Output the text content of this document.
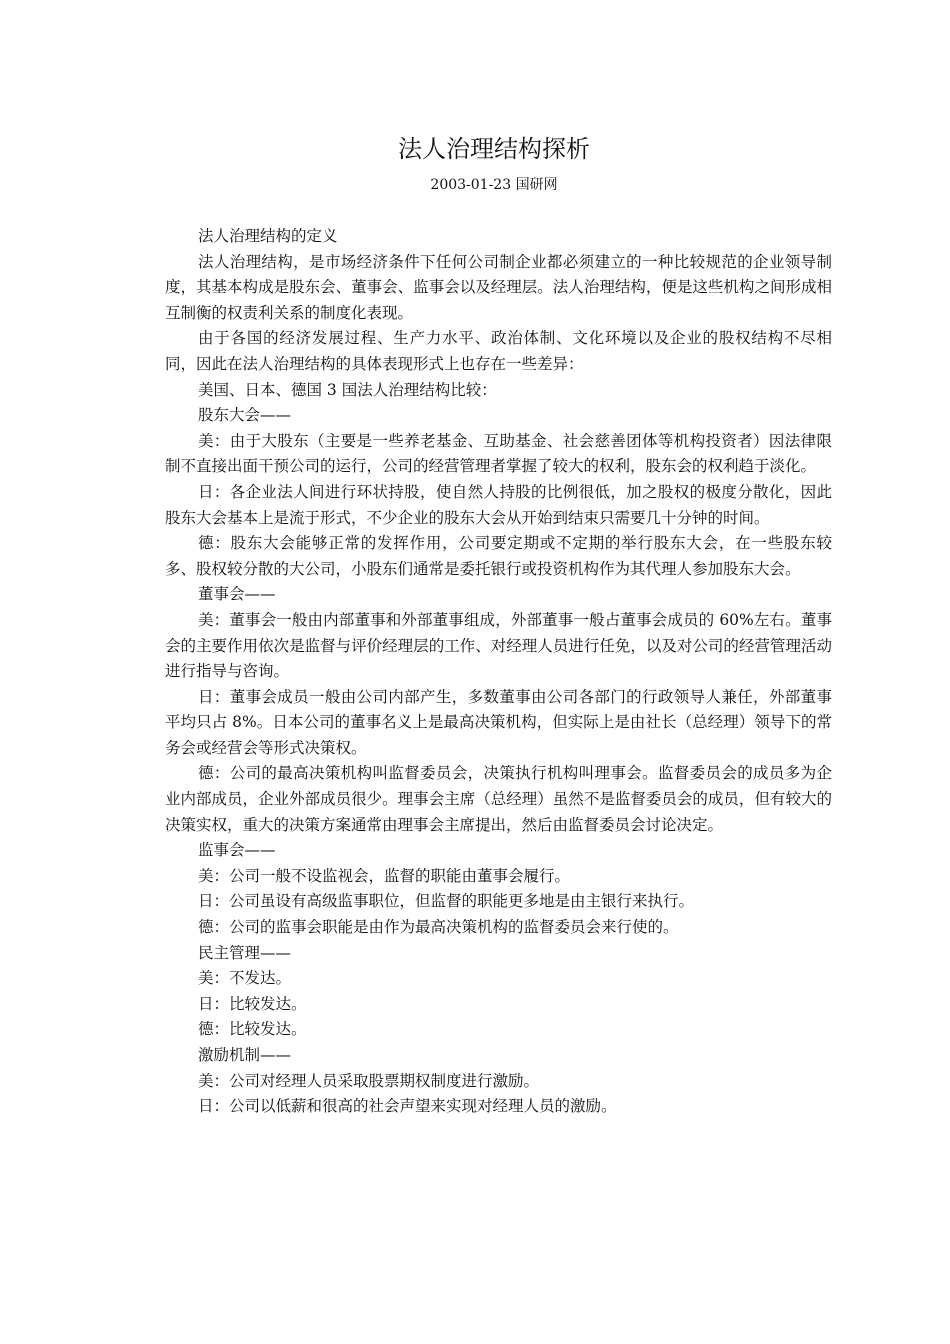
法人治理结构探析
2003-01-23 国研网

法人治理结构的定义

法人治理结构，是市场经济条件下任何公司制企业都必须建立的一种比较规范的企业领导制度，其基本构成是股东会、董事会、监事会以及经理层。法人治理结构，便是这些机构之间形成相互制衡的权责利关系的制度化表现。

由于各国的经济发展过程、生产力水平、政治体制、文化环境以及企业的股权结构不尽相同，因此在法人治理结构的具体表现形式上也存在一些差异：

美国、日本、德国 3 国法人治理结构比较：

股东大会——

美：由于大股东（主要是一些养老基金、互助基金、社会慈善团体等机构投资者）因法律限制不直接出面干预公司的运行，公司的经营管理者掌握了较大的权利，股东会的权利趋于淡化。

日：各企业法人间进行环状持股，使自然人持股的比例很低，加之股权的极度分散化，因此股东大会基本上是流于形式，不少企业的股东大会从开始到结束只需要几十分钟的时间。

德：股东大会能够正常的发挥作用，公司要定期或不定期的举行股东大会，在一些股东较多、股权较分散的大公司，小股东们通常是委托银行或投资机构作为其代理人参加股东大会。

董事会——

美：董事会一般由内部董事和外部董事组成，外部董事一般占董事会成员的 60%左右。董事会的主要作用依次是监督与评价经理层的工作、对经理人员进行任免，以及对公司的经营管理活动进行指导与咨询。

日：董事会成员一般由公司内部产生，多数董事由公司各部门的行政领导人兼任，外部董事平均只占 8%。日本公司的董事名义上是最高决策机构，但实际上是由社长（总经理）领导下的常务会或经营会等形式决策权。

德：公司的最高决策机构叫监督委员会，决策执行机构叫理事会。监督委员会的成员多为企业内部成员，企业外部成员很少。理事会主席（总经理）虽然不是监督委员会的成员，但有较大的决策实权，重大的决策方案通常由理事会主席提出，然后由监督委员会讨论决定。

监事会——

美：公司一般不设监视会，监督的职能由董事会履行。

日：公司虽设有高级监事职位，但监督的职能更多地是由主银行来执行。

德：公司的监事会职能是由作为最高决策机构的监督委员会来行使的。

民主管理——

美：不发达。

日：比较发达。

德：比较发达。

激励机制——

美：公司对经理人员采取股票期权制度进行激励。

日：公司以低薪和很高的社会声望来实现对经理人员的激励。
